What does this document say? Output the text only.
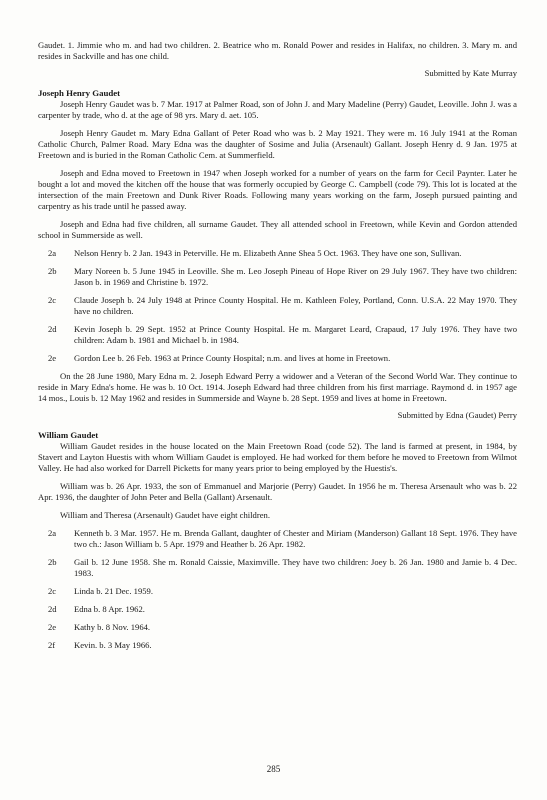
Gaudet. 1. Jimmie who m. and had two children. 2. Beatrice who m. Ronald Power and resides in Halifax, no children. 3. Mary m. and resides in Sackville and has one child.

Submitted by Kate Murray

Joseph Henry Gaudet

Joseph Henry Gaudet was b. 7 Mar. 1917 at Palmer Road, son of John J. and Mary Madeline (Perry) Gaudet, Leoville. John J. was a carpenter by trade, who d. at the age of 98 yrs. Mary d. aet. 105.

Joseph Henry Gaudet m. Mary Edna Gallant of Peter Road who was b. 2 May 1921. They were m. 16 July 1941 at the Roman Catholic Church, Palmer Road. Mary Edna was the daughter of Sosime and Julia (Arsenault) Gallant. Joseph Henry d. 9 Jan. 1975 at Freetown and is buried in the Roman Catholic Cem. at Summerfield.

Joseph and Edna moved to Freetown in 1947 when Joseph worked for a number of years on the farm for Cecil Paynter. Later he bought a lot and moved the kitchen off the house that was formerly occupied by George C. Campbell (code 79). This lot is located at the intersection of the main Freetown and Dunk River Roads. Following many years working on the farm, Joseph pursued painting and carpentry as his trade until he passed away.

Joseph and Edna had five children, all surname Gaudet. They all attended school in Freetown, while Kevin and Gordon attended school in Summerside as well.

2a	Nelson Henry b. 2 Jan. 1943 in Peterville. He m. Elizabeth Anne Shea 5 Oct. 1963. They have one son, Sullivan.
2b	Mary Noreen b. 5 June 1945 in Leoville. She m. Leo Joseph Pineau of Hope River on 29 July 1967. They have two children: Jason b. in 1969 and Christine b. 1972.
2c	Claude Joseph b. 24 July 1948 at Prince County Hospital. He m. Kathleen Foley, Portland, Conn. U.S.A. 22 May 1970. They have no children.
2d	Kevin Joseph b. 29 Sept. 1952 at Prince County Hospital. He m. Margaret Leard, Crapaud, 17 July 1976. They have two children: Adam b. 1981 and Michael b. in 1984.
2e	Gordon Lee b. 26 Feb. 1963 at Prince County Hospital; n.m. and lives at home in Freetown.

On the 28 June 1980, Mary Edna m. 2. Joseph Edward Perry a widower and a Veteran of the Second World War. They continue to reside in Mary Edna's home. He was b. 10 Oct. 1914. Joseph Edward had three children from his first marriage. Raymond d. in 1957 age 14 mos., Louis b. 12 May 1962 and resides in Summerside and Wayne b. 28 Sept. 1959 and lives at home in Freetown.

Submitted by Edna (Gaudet) Perry

William Gaudet

William Gaudet resides in the house located on the Main Freetown Road (code 52). The land is farmed at present, in 1984, by Stavert and Layton Huestis with whom William Gaudet is employed. He had worked for them before he moved to Freetown from Wilmot Valley. He had also worked for Darrell Picketts for many years prior to being employed by the Huestis's.

William was b. 26 Apr. 1933, the son of Emmanuel and Marjorie (Perry) Gaudet. In 1956 he m. Theresa Arsenault who was b. 22 Apr. 1936, the daughter of John Peter and Bella (Gallant) Arsenault.

William and Theresa (Arsenault) Gaudet have eight children.

2a	Kenneth b. 3 Mar. 1957. He m. Brenda Gallant, daughter of Chester and Miriam (Manderson) Gallant 18 Sept. 1976. They have two ch.: Jason William b. 5 Apr. 1979 and Heather b. 26 Apr. 1982.
2b	Gail b. 12 June 1958. She m. Ronald Caissie, Maximville. They have two children: Joey b. 26 Jan. 1980 and Jamie b. 4 Dec. 1983.
2c	Linda b. 21 Dec. 1959.
2d	Edna b. 8 Apr. 1962.
2e	Kathy b. 8 Nov. 1964.
2f	Kevin. b. 3 May 1966.
285
